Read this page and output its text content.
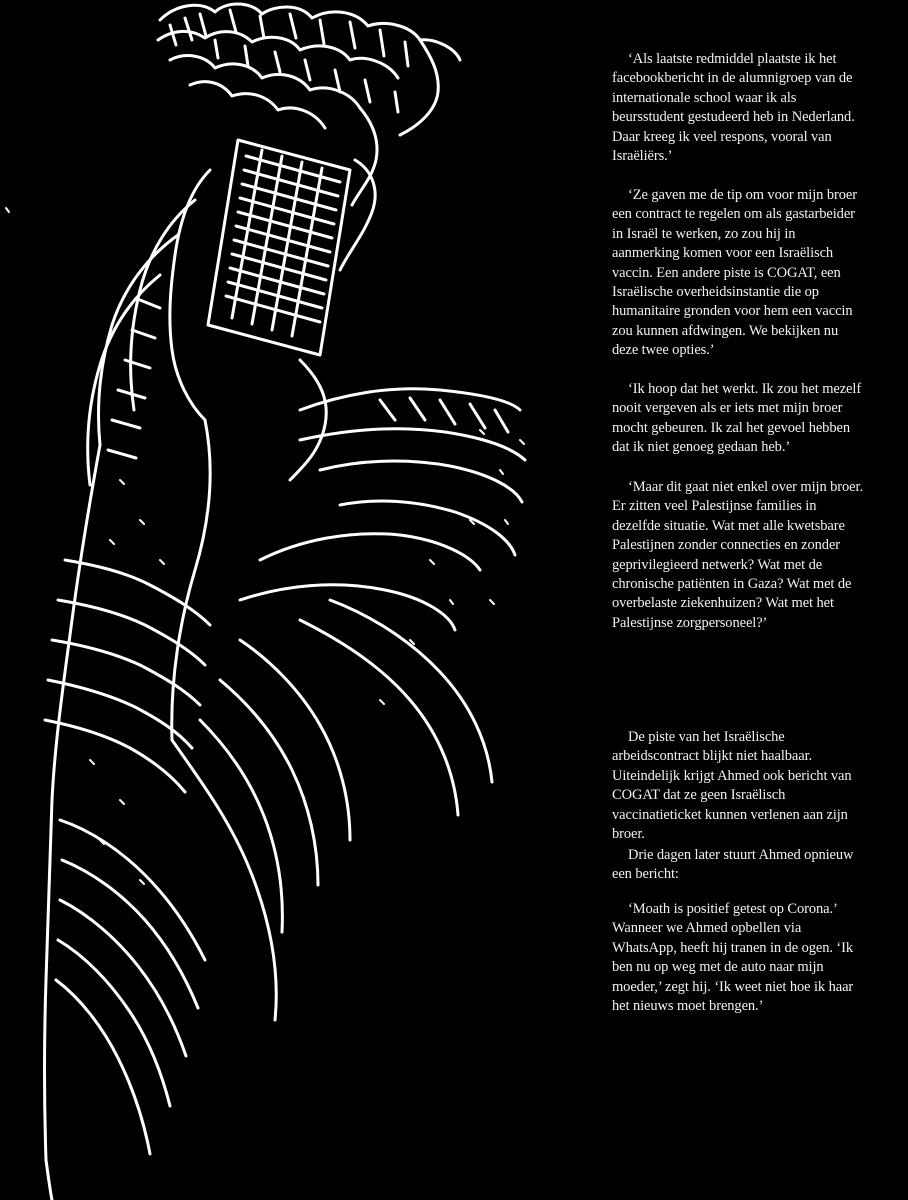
‘Als laatste redmiddel plaatste ik het facebookbericht in de alumnigroep van de internationale school waar ik als beursstudent gestudeerd heb in Nederland. Daar kreeg ik veel respons, vooral van Israëliërs.’

‘Ze gaven me de tip om voor mijn broer een contract te regelen om als gastarbeider in Israël te werken, zo zou hij in aanmerking komen voor een Israëlisch vaccin. Een andere piste is COGAT, een Israëlische overheidsinstantie die op humanitaire gronden voor hem een vaccin zou kunnen afdwingen. We bekijken nu deze twee opties.’

‘Ik hoop dat het werkt. Ik zou het mezelf nooit vergeven als er iets met mijn broer mocht gebeuren. Ik zal het gevoel hebben dat ik niet genoeg gedaan heb.’

‘Maar dit gaat niet enkel over mijn broer. Er zitten veel Palestijnse families in dezelfde situatie. Wat met alle kwetsbare Palestijnen zonder connecties en zonder geprivilegieerd netwerk? Wat met de chronische patiënten in Gaza? Wat met de overbelaste ziekenhuizen? Wat met het Palestijnse zorgpersoneel?’

De piste van het Israëlische arbeidscontract blijkt niet haalbaar. Uiteindelijk krijgt Ahmed ook bericht van COGAT dat ze geen Israëlisch vaccinatieticket kunnen verlenen aan zijn broer.

Drie dagen later stuurt Ahmed opnieuw een bericht:

‘Moath is positief getest op Corona.’ Wanneer we Ahmed opbellen via WhatsApp, heeft hij tranen in de ogen. ‘Ik ben nu op weg met de auto naar mijn moeder,’ zegt hij. ‘Ik weet niet hoe ik haar het nieuws moet brengen.’
